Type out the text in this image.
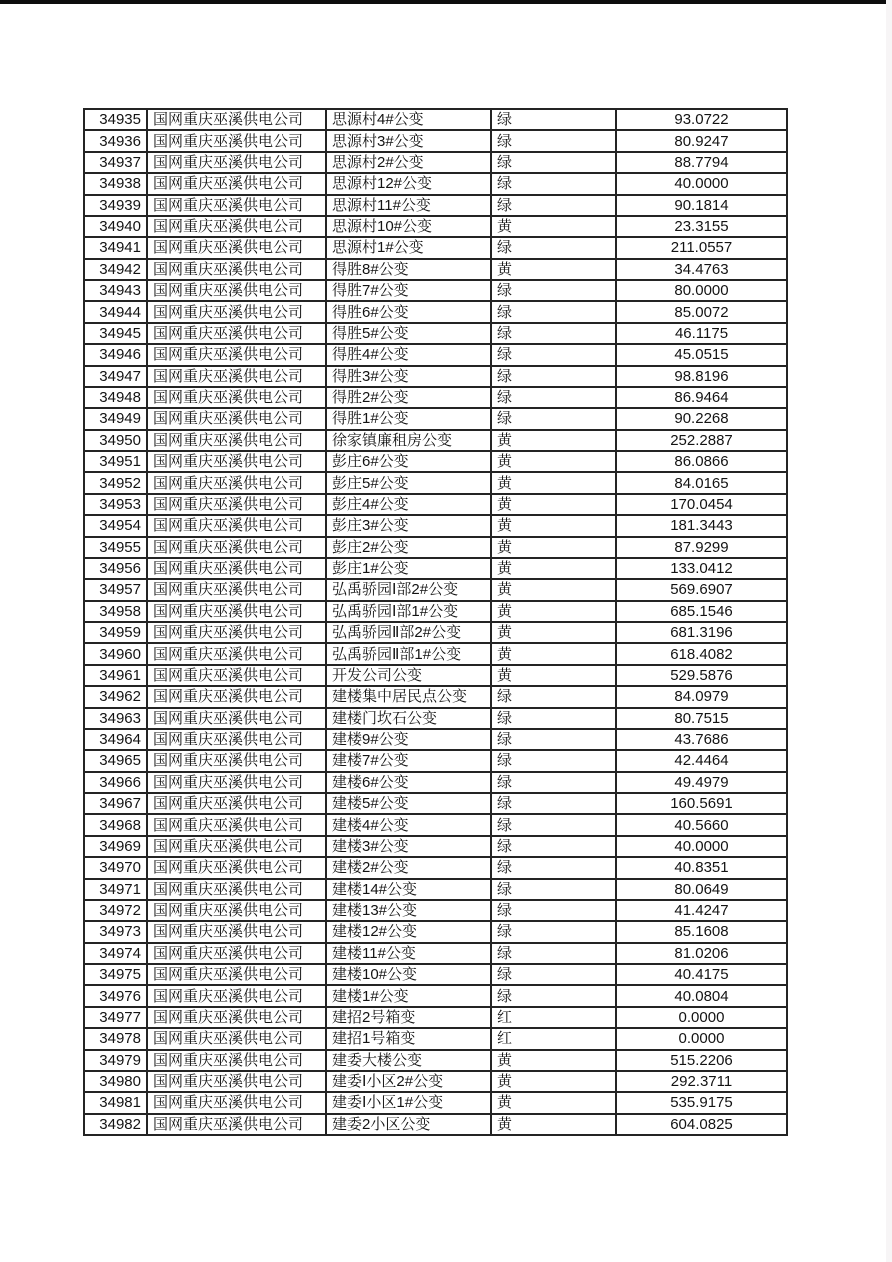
34935	国网重庆巫溪供电公司	思源村4#公变	绿	93.0722
34936	国网重庆巫溪供电公司	思源村3#公变	绿	80.9247
34937	国网重庆巫溪供电公司	思源村2#公变	绿	88.7794
34938	国网重庆巫溪供电公司	思源村12#公变	绿	40.0000
34939	国网重庆巫溪供电公司	思源村11#公变	绿	90.1814
34940	国网重庆巫溪供电公司	思源村10#公变	黄	23.3155
34941	国网重庆巫溪供电公司	思源村1#公变	绿	211.0557
34942	国网重庆巫溪供电公司	得胜8#公变	黄	34.4763
34943	国网重庆巫溪供电公司	得胜7#公变	绿	80.0000
34944	国网重庆巫溪供电公司	得胜6#公变	绿	85.0072
34945	国网重庆巫溪供电公司	得胜5#公变	绿	46.1175
34946	国网重庆巫溪供电公司	得胜4#公变	绿	45.0515
34947	国网重庆巫溪供电公司	得胜3#公变	绿	98.8196
34948	国网重庆巫溪供电公司	得胜2#公变	绿	86.9464
34949	国网重庆巫溪供电公司	得胜1#公变	绿	90.2268
34950	国网重庆巫溪供电公司	徐家镇廉租房公变	黄	252.2887
34951	国网重庆巫溪供电公司	彭庄6#公变	黄	86.0866
34952	国网重庆巫溪供电公司	彭庄5#公变	黄	84.0165
34953	国网重庆巫溪供电公司	彭庄4#公变	黄	170.0454
34954	国网重庆巫溪供电公司	彭庄3#公变	黄	181.3443
34955	国网重庆巫溪供电公司	彭庄2#公变	黄	87.9299
34956	国网重庆巫溪供电公司	彭庄1#公变	黄	133.0412
34957	国网重庆巫溪供电公司	弘禹骄园Ⅰ部2#公变	黄	569.6907
34958	国网重庆巫溪供电公司	弘禹骄园Ⅰ部1#公变	黄	685.1546
34959	国网重庆巫溪供电公司	弘禹骄园Ⅱ部2#公变	黄	681.3196
34960	国网重庆巫溪供电公司	弘禹骄园Ⅱ部1#公变	黄	618.4082
34961	国网重庆巫溪供电公司	开发公司公变	黄	529.5876
34962	国网重庆巫溪供电公司	建楼集中居民点公变	绿	84.0979
34963	国网重庆巫溪供电公司	建楼门坎石公变	绿	80.7515
34964	国网重庆巫溪供电公司	建楼9#公变	绿	43.7686
34965	国网重庆巫溪供电公司	建楼7#公变	绿	42.4464
34966	国网重庆巫溪供电公司	建楼6#公变	绿	49.4979
34967	国网重庆巫溪供电公司	建楼5#公变	绿	160.5691
34968	国网重庆巫溪供电公司	建楼4#公变	绿	40.5660
34969	国网重庆巫溪供电公司	建楼3#公变	绿	40.0000
34970	国网重庆巫溪供电公司	建楼2#公变	绿	40.8351
34971	国网重庆巫溪供电公司	建楼14#公变	绿	80.0649
34972	国网重庆巫溪供电公司	建楼13#公变	绿	41.4247
34973	国网重庆巫溪供电公司	建楼12#公变	绿	85.1608
34974	国网重庆巫溪供电公司	建楼11#公变	绿	81.0206
34975	国网重庆巫溪供电公司	建楼10#公变	绿	40.4175
34976	国网重庆巫溪供电公司	建楼1#公变	绿	40.0804
34977	国网重庆巫溪供电公司	建招2号箱变	红	0.0000
34978	国网重庆巫溪供电公司	建招1号箱变	红	0.0000
34979	国网重庆巫溪供电公司	建委大楼公变	黄	515.2206
34980	国网重庆巫溪供电公司	建委Ⅰ小区2#公变	黄	292.3711
34981	国网重庆巫溪供电公司	建委Ⅰ小区1#公变	黄	535.9175
34982	国网重庆巫溪供电公司	建委2小区公变	黄	604.0825
